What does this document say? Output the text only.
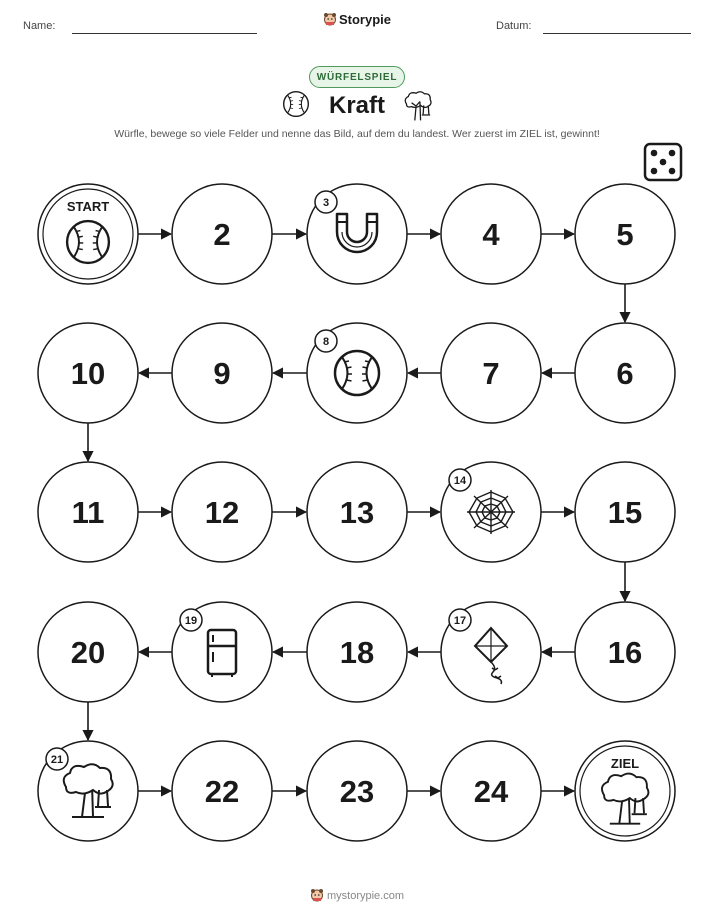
Name:	Storypie	Datum:
WÜRFELSPIEL
Kraft
Würfle, bewege so viele Felder und nenne das Bild, auf dem du landest. Wer zuerst im ZIEL ist, gewinnt!
START
2
3
4	5
6
7
8
9
10
11	12	13
14
15
16
17
18
19
20
21
22	23	24
ZIEL
mystorypie.com
